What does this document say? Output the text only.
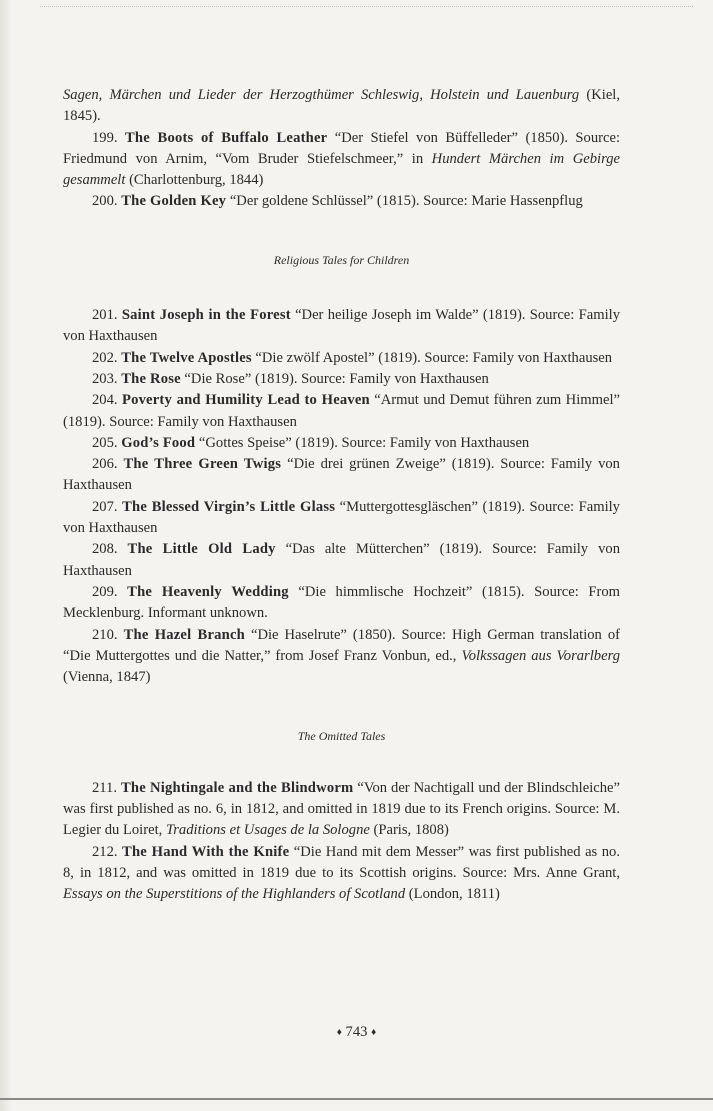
Sagen, Märchen und Lieder der Herzogthümer Schleswig, Holstein und Lauenburg (Kiel, 1845).

199. The Boots of Buffalo Leather “Der Stiefel von Büffelleder” (1850). Source: Friedmund von Arnim, “Vom Bruder Stiefelschmeer,” in Hundert Märchen im Gebirge gesammelt (Charlottenburg, 1844)

200. The Golden Key “Der goldene Schlüssel” (1815). Source: Marie Hassenpflug

Religious Tales for Children

201. Saint Joseph in the Forest “Der heilige Joseph im Walde” (1819). Source: Family von Haxthausen

202. The Twelve Apostles “Die zwölf Apostel” (1819). Source: Family von Haxthausen

203. The Rose “Die Rose” (1819). Source: Family von Haxthausen

204. Poverty and Humility Lead to Heaven “Armut und Demut führen zum Himmel” (1819). Source: Family von Haxthausen

205. God’s Food “Gottes Speise” (1819). Source: Family von Haxthausen

206. The Three Green Twigs “Die drei grünen Zweige” (1819). Source: Family von Haxthausen

207. The Blessed Virgin’s Little Glass “Muttergottesgläschen” (1819). Source: Family von Haxthausen

208. The Little Old Lady “Das alte Mütterchen” (1819). Source: Family von Haxthausen

209. The Heavenly Wedding “Die himmlische Hochzeit” (1815). Source: From Mecklenburg. Informant unknown.

210. The Hazel Branch “Die Haselrute” (1850). Source: High German translation of “Die Muttergottes und die Natter,” from Josef Franz Vonbun, ed., Volkssagen aus Vorarlberg (Vienna, 1847)

The Omitted Tales

211. The Nightingale and the Blindworm “Von der Nachtigall und der Blindschleiche” was first published as no. 6, in 1812, and omitted in 1819 due to its French origins. Source: M. Legier du Loiret, Traditions et Usages de la Sologne (Paris, 1808)

212. The Hand With the Knife “Die Hand mit dem Messer” was first published as no. 8, in 1812, and was omitted in 1819 due to its Scottish origins. Source: Mrs. Anne Grant, Essays on the Superstitions of the Highlanders of Scotland (London, 1811)

♦ 743 ♦
